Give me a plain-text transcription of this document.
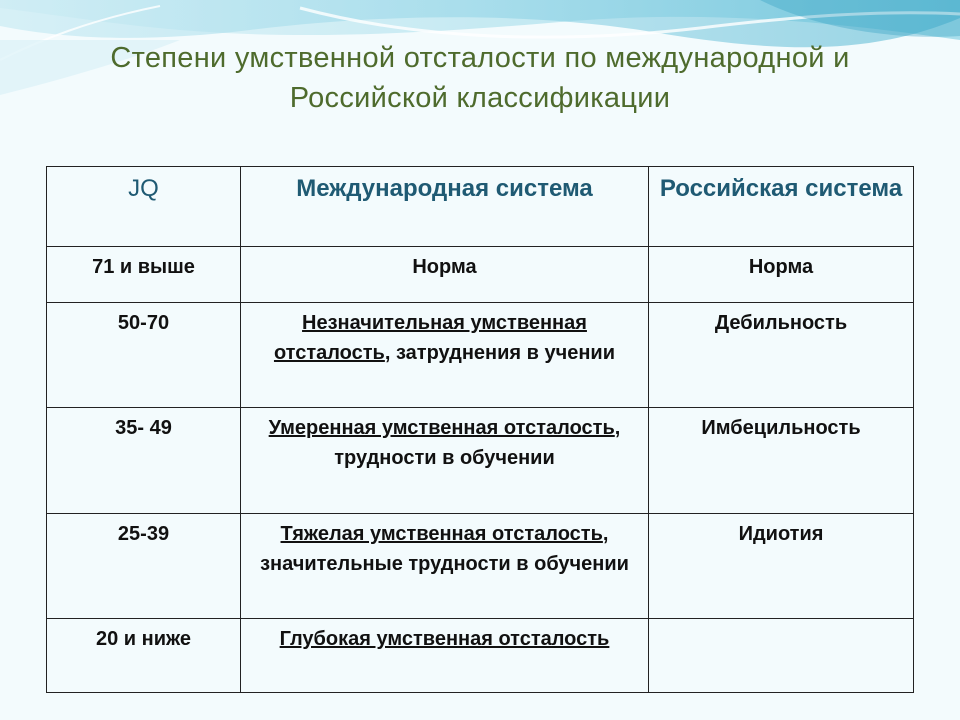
Степени умственной отсталости по международной и Российской классификации
JQ	Международная система	Российская система
71 и выше	Норма	Норма
50-70	Незначительная умственная отсталость, затруднения в учении	Дебильность
35- 49	Умеренная умственная отсталость, трудности в обучении	Имбецильность
25-39	Тяжелая умственная отсталость, значительные трудности в обучении	Идиотия
20 и ниже	Глубокая умственная отсталость	
